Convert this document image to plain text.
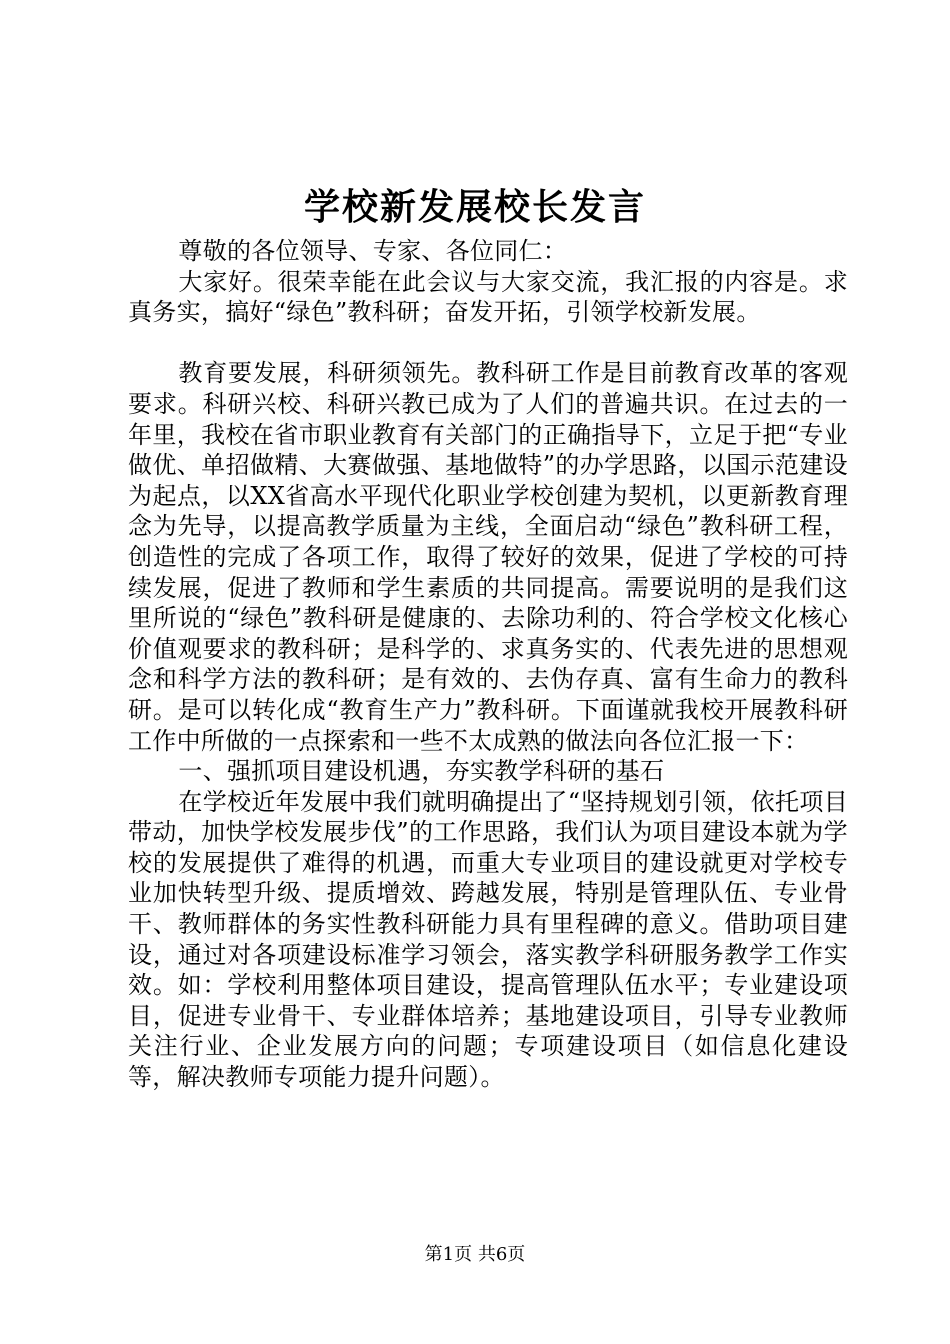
学校新发展校长发言

尊敬的各位领导、专家、各位同仁：

大家好。很荣幸能在此会议与大家交流，我汇报的内容是。求真务实，搞好“绿色”教科研；奋发开拓，引领学校新发展。

教育要发展，科研须领先。教科研工作是目前教育改革的客观要求。科研兴校、科研兴教已成为了人们的普遍共识。在过去的一年里，我校在省市职业教育有关部门的正确指导下，立足于把“专业做优、单招做精、大赛做强、基地做特”的办学思路，以国示范建设为起点，以XX省高水平现代化职业学校创建为契机，以更新教育理念为先导，以提高教学质量为主线，全面启动“绿色”教科研工程，创造性的完成了各项工作，取得了较好的效果，促进了学校的可持续发展，促进了教师和学生素质的共同提高。需要说明的是我们这里所说的“绿色”教科研是健康的、去除功利的、符合学校文化核心价值观要求的教科研；是科学的、求真务实的、代表先进的思想观念和科学方法的教科研；是有效的、去伪存真、富有生命力的教科研。是可以转化成“教育生产力”教科研。下面谨就我校开展教科研工作中所做的一点探索和一些不太成熟的做法向各位汇报一下：

一、强抓项目建设机遇，夯实教学科研的基石

在学校近年发展中我们就明确提出了“坚持规划引领，依托项目带动，加快学校发展步伐”的工作思路，我们认为项目建设本就为学校的发展提供了难得的机遇，而重大专业项目的建设就更对学校专业加快转型升级、提质增效、跨越发展，特别是管理队伍、专业骨干、教师群体的务实性教科研能力具有里程碑的意义。借助项目建设，通过对各项建设标准学习领会，落实教学科研服务教学工作实效。如：学校利用整体项目建设，提高管理队伍水平；专业建设项目，促进专业骨干、专业群体培养；基地建设项目，引导专业教师关注行业、企业发展方向的问题；专项建设项目（如信息化建设等，解决教师专项能力提升问题）。

第1页 共6页
